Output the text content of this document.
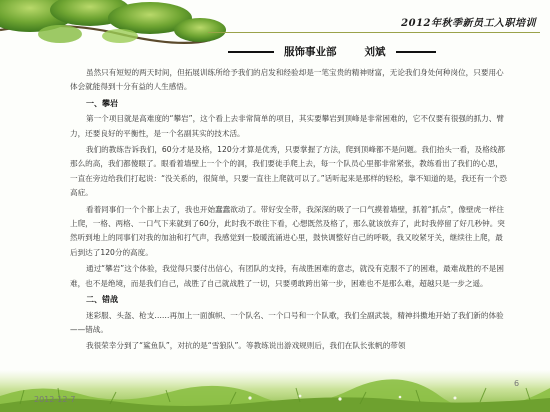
2012年秋季新员工入职培训
服饰事业部	刘斌

虽然只有短短的两天时间，但拓展训练所给予我们的启发和经验却是一笔宝贵的精神财富，无论我们身处何种岗位，只要用心体会就能得到十分有益的人生感悟。

一、攀岩

第一个项目就是高难度的“攀岩”，这个看上去非常简单的项目，其实要攀岩到顶峰是非常困难的，它不仅要有很强的抓力、臂力，还要良好的平衡性，是一个名副其实的技术活。

我们的教练告诉我们，60分才是及格，120分才算是优秀，只要掌握了方法，爬到顶峰都不是问题。我们抬头一看，及格线都那么的高，我们都傻眼了。眼看着墙壁上一个个的洞，我们要徒手爬上去，每一个队员心里都非常紧张，教练看出了我们的心思，一直在旁边给我们打起说：“没关系的，很简单，只要一直往上爬就可以了。”话听起来是那样的轻松，靠不知道的是，我还有一个恐高症。

看着同事们一个个都上去了，我也开始蠢蠢欲动了。带好安全带，我深深的吸了一口气摸着墙壁，抓着“抓点”，像壁虎一样往上爬，一格、两格、一口气下来就到了60分，此时我不敢往下看，心想既然及格了，那么就该放弃了，此时我停留了好几秒钟。突然听到地上的同事们对我的加油和打气声，我感觉到一股暖流涌进心里，鼓快调整好自己的呼吸，我又咬紧牙关，继续往上爬，最后到达了120分的高度。

通过“攀岩”这个体验，我觉得只要付出信心，有团队的支持，有战胜困难的意志，就没有克服不了的困难，最难战胜的不是困难，也不是绝境，而是我们自己，战胜了自己就战胜了一切，只要勇敢跨出第一步，困难也不是那么难，超越只是一步之遥。

二、错战

迷彩服、头盔、枪支……再加上一面旗帜、一个队名、一个口号和一个队歌，我们全副武装，精神抖擞地开始了我们新的体验——错战。

我很荣幸分到了“鲨鱼队”，对抗的是“雪狼队”。等教练说出游戏规则后，我们在队长张帆的带领

2012-12-7
6
